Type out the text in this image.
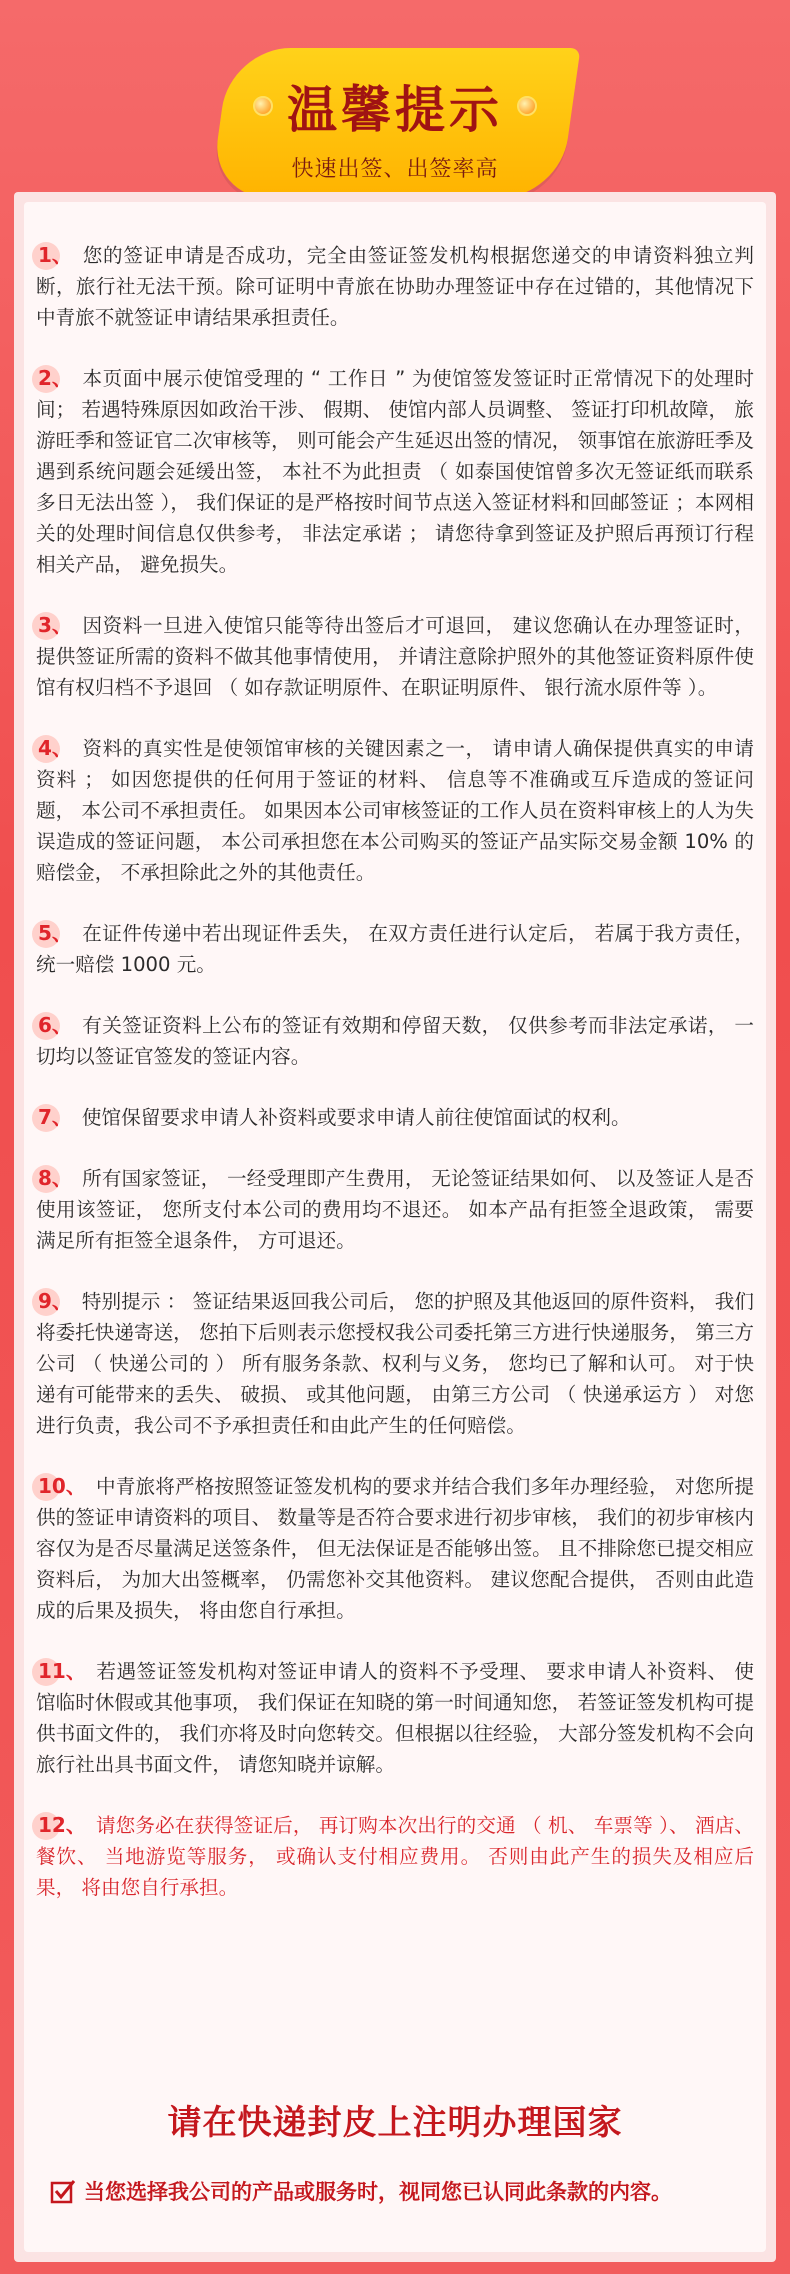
温馨提示
快速出签、出签率高
1、 您的签证申请是否成功，完全由签证签发机构根据您递交的申请资料独立判断，旅行社无法干预。除可证明中青旅在协助办理签证中存在过错的，其他情况下中青旅不就签证申请结果承担责任。
2、 本页面中展示使馆受理的 “ 工作日 ” 为使馆签发签证时正常情况下的处理时间； 若遇特殊原因如政治干涉、 假期、 使馆内部人员调整、 签证打印机故障， 旅游旺季和签证官二次审核等， 则可能会产生延迟出签的情况， 领事馆在旅游旺季及遇到系统问题会延缓出签， 本社不为此担责 （ 如泰国使馆曾多次无签证纸而联系多日无法出签 ）， 我们保证的是严格按时间节点送入签证材料和回邮签证 ；本网相关的处理时间信息仅供参考， 非法定承诺 ； 请您待拿到签证及护照后再预订行程相关产品， 避免损失。
3、 因资料一旦进入使馆只能等待出签后才可退回， 建议您确认在办理签证时， 提供签证所需的资料不做其他事情使用， 并请注意除护照外的其他签证资料原件使馆有权归档不予退回 （ 如存款证明原件、在职证明原件、 银行流水原件等 ）。
4、 资料的真实性是使领馆审核的关键因素之一， 请申请人确保提供真实的申请资料 ； 如因您提供的任何用于签证的材料、 信息等不准确或互斥造成的签证问题， 本公司不承担责任。 如果因本公司审核签证的工作人员在资料审核上的人为失误造成的签证问题， 本公司承担您在本公司购买的签证产品实际交易金额 10% 的赔偿金， 不承担除此之外的其他责任。
5、 在证件传递中若出现证件丢失， 在双方责任进行认定后， 若属于我方责任， 统一赔偿 1000 元。
6、 有关签证资料上公布的签证有效期和停留天数， 仅供参考而非法定承诺， 一切均以签证官签发的签证内容。
7、 使馆保留要求申请人补资料或要求申请人前往使馆面试的权利。
8、 所有国家签证， 一经受理即产生费用， 无论签证结果如何、 以及签证人是否使用该签证， 您所支付本公司的费用均不退还。 如本产品有拒签全退政策， 需要满足所有拒签全退条件， 方可退还。
9、 特别提示 ： 签证结果返回我公司后， 您的护照及其他返回的原件资料， 我们将委托快递寄送， 您拍下后则表示您授权我公司委托第三方进行快递服务， 第三方公司 （ 快递公司的 ） 所有服务条款、权利与义务， 您均已了解和认可。 对于快递有可能带来的丢失、 破损、 或其他问题， 由第三方公司 （ 快递承运方 ） 对您进行负责，我公司不予承担责任和由此产生的任何赔偿。
10、 中青旅将严格按照签证签发机构的要求并结合我们多年办理经验， 对您所提供的签证申请资料的项目、 数量等是否符合要求进行初步审核， 我们的初步审核内容仅为是否尽量满足送签条件， 但无法保证是否能够出签。 且不排除您已提交相应资料后， 为加大出签概率， 仍需您补交其他资料。 建议您配合提供， 否则由此造成的后果及损失， 将由您自行承担。
11、 若遇签证签发机构对签证申请人的资料不予受理、 要求申请人补资料、 使馆临时休假或其他事项， 我们保证在知晓的第一时间通知您， 若签证签发机构可提供书面文件的， 我们亦将及时向您转交。但根据以往经验， 大部分签发机构不会向旅行社出具书面文件， 请您知晓并谅解。
12、 请您务必在获得签证后， 再订购本次出行的交通 （ 机、 车票等 ）、 酒店、 餐饮、 当地游览等服务， 或确认支付相应费用。 否则由此产生的损失及相应后果， 将由您自行承担。
请在快递封皮上注明办理国家
当您选择我公司的产品或服务时，视同您已认同此条款的内容。
